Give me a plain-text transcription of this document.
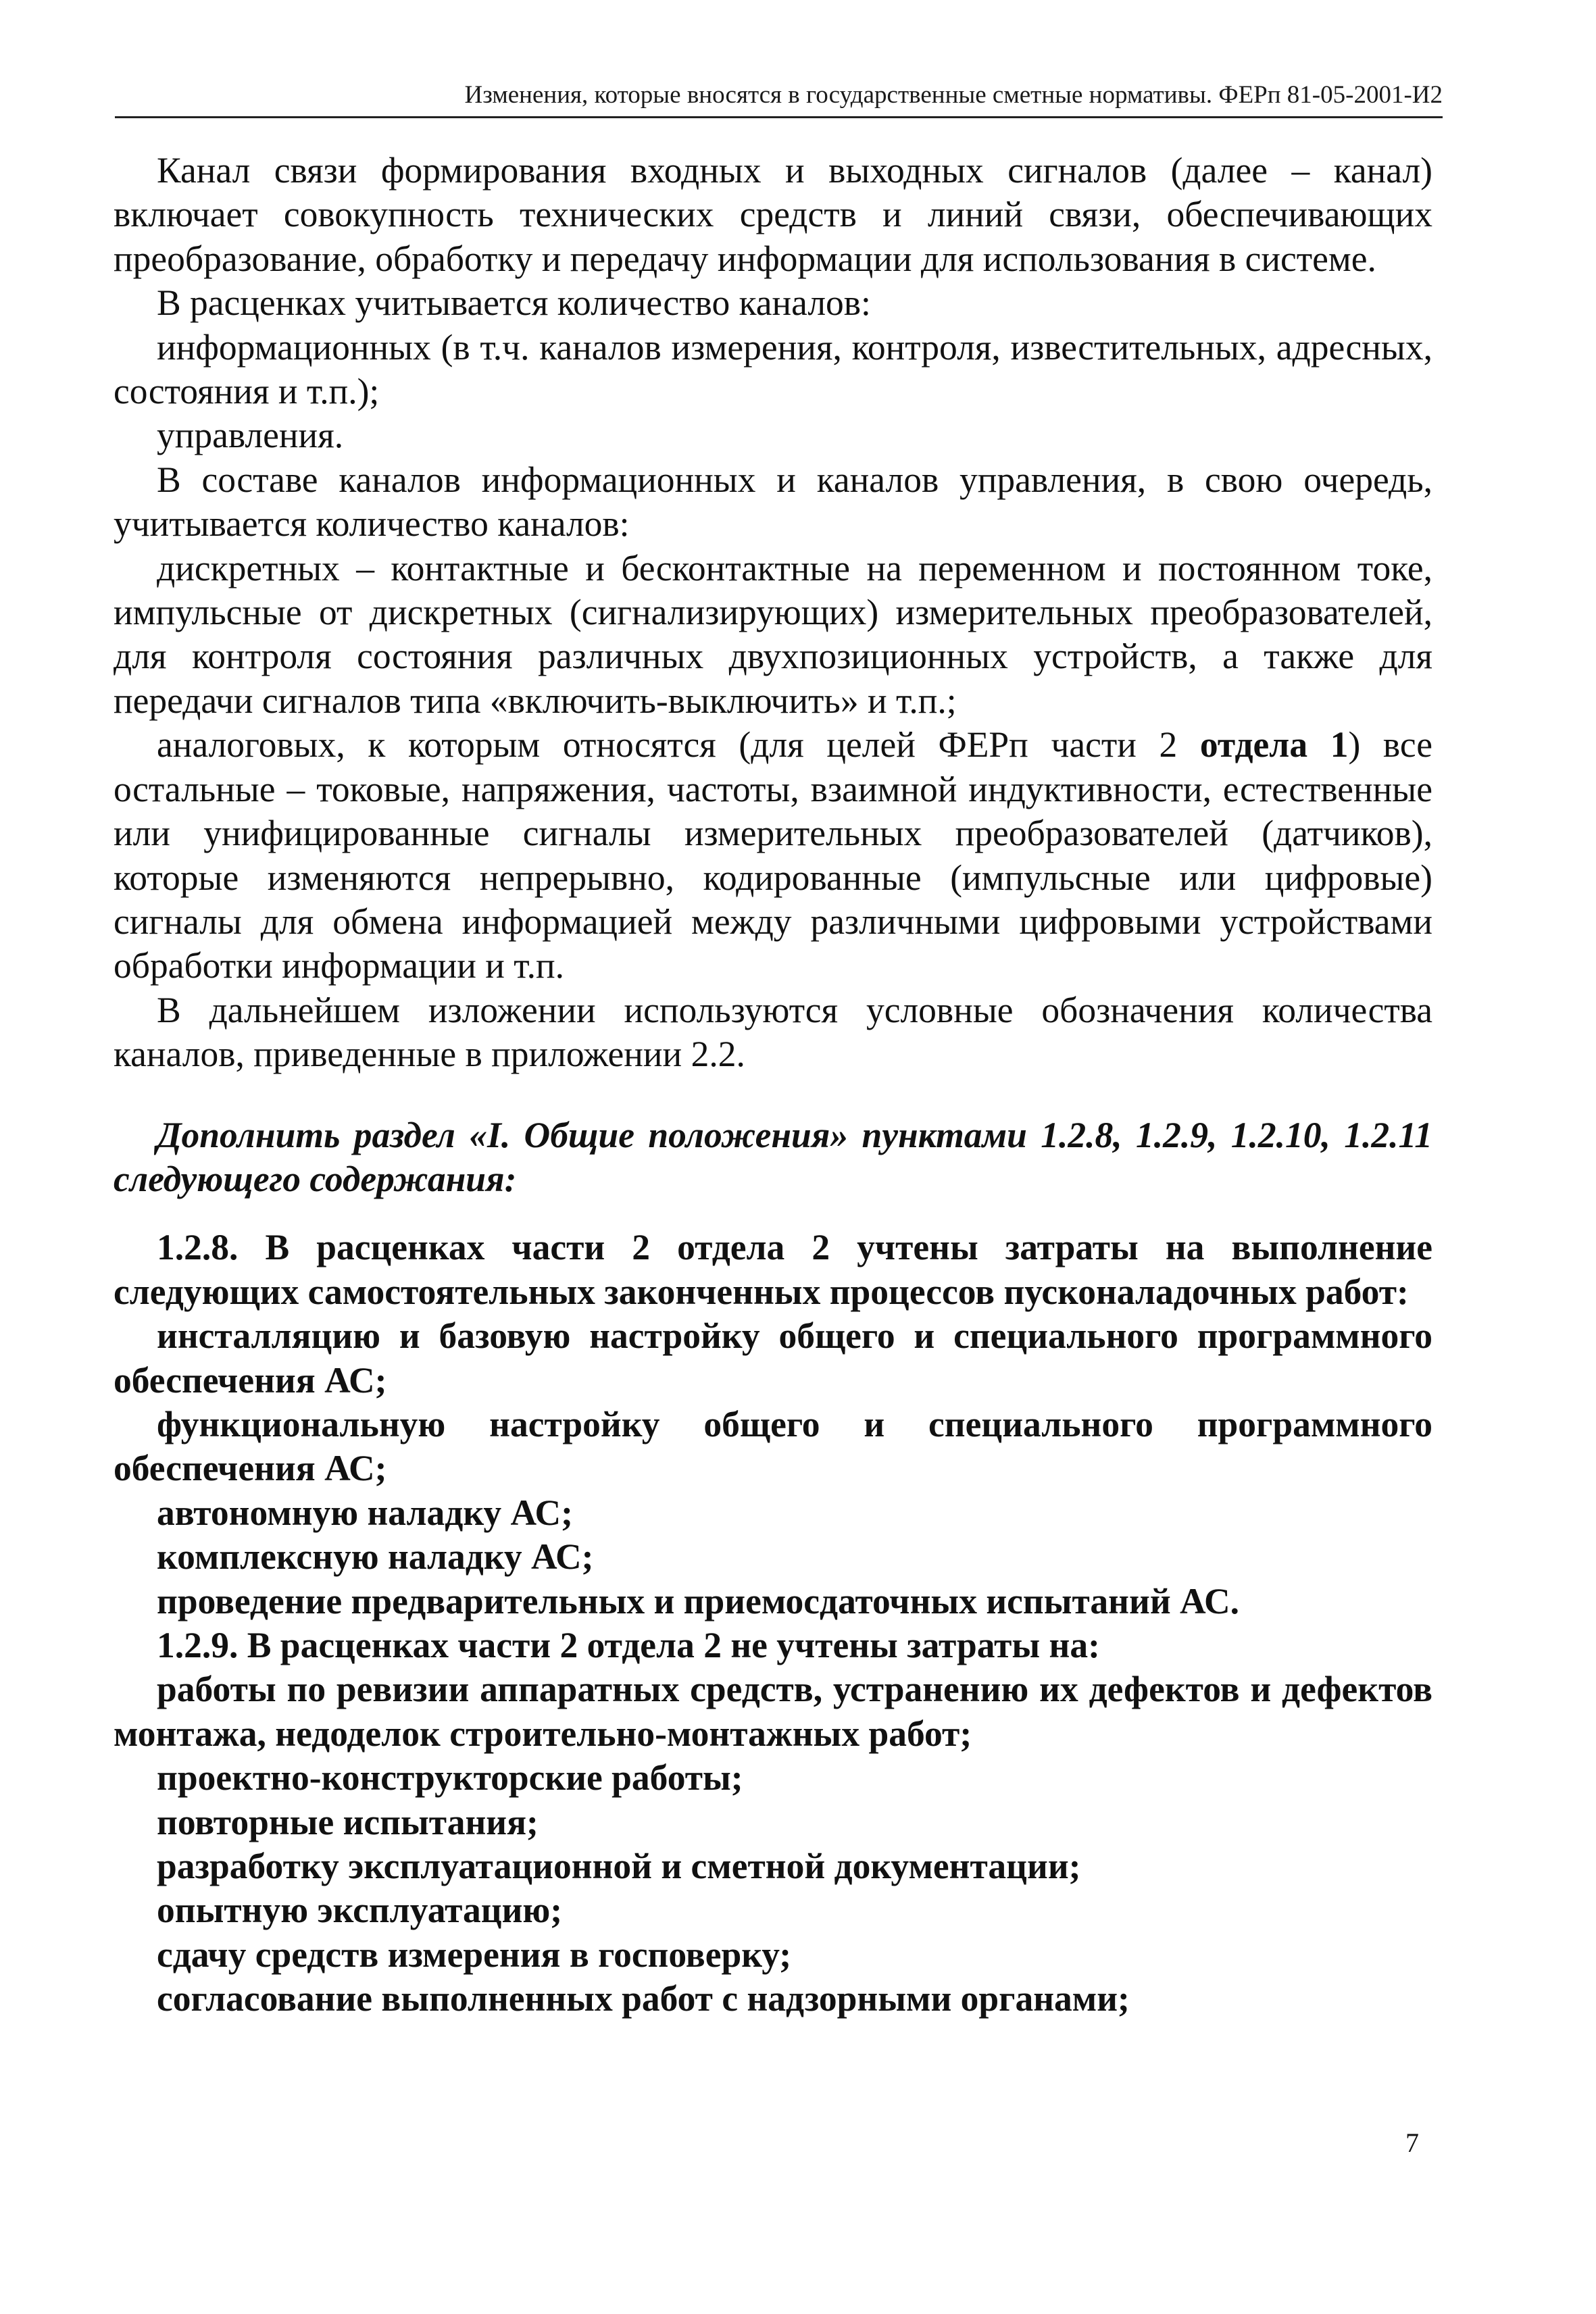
Изменения, которые вносятся в государственные сметные нормативы. ФЕРп 81-05-2001-И2

Канал связи формирования входных и выходных сигналов (далее – канал) включает совокупность технических средств и линий связи, обеспечивающих преобразование, обработку и передачу информации для использования в системе.

В расценках учитывается количество каналов:

информационных (в т.ч. каналов измерения, контроля, известительных, адресных, состояния и т.п.);

управления.

В составе каналов информационных и каналов управления, в свою очередь, учитывается количество каналов:

дискретных – контактные и бесконтактные на переменном и постоянном токе, импульсные от дискретных (сигнализирующих) измерительных преобразователей, для контроля состояния различных двухпозиционных устройств, а также для передачи сигналов типа «включить-выключить» и т.п.;

аналоговых, к которым относятся (для целей ФЕРп части 2 отдела 1) все остальные – токовые, напряжения, частоты, взаимной индуктивности, естественные или унифицированные сигналы измерительных преобразователей (датчиков), которые изменяются непрерывно, кодированные (импульсные или цифровые) сигналы для обмена информацией между различными цифровыми устройствами обработки информации и т.п.

В дальнейшем изложении используются условные обозначения количества каналов, приведенные в приложении 2.2.

Дополнить раздел «I. Общие положения» пунктами 1.2.8, 1.2.9, 1.2.10, 1.2.11 следующего содержания:

1.2.8. В расценках части 2 отдела 2 учтены затраты на выполнение следующих самостоятельных законченных процессов пусконаладочных работ:

инсталляцию и базовую настройку общего и специального программного обеспечения АС;

функциональную настройку общего и специального программного обеспечения АС;

автономную наладку АС;

комплексную наладку АС;

проведение предварительных и приемосдаточных испытаний АС.

1.2.9. В расценках части 2 отдела 2 не учтены затраты на:

работы по ревизии аппаратных средств, устранению их дефектов и дефектов монтажа, недоделок строительно-монтажных работ;

проектно-конструкторские работы;

повторные испытания;

разработку эксплуатационной и сметной документации;

опытную эксплуатацию;

сдачу средств измерения в госповерку;

согласование выполненных работ с надзорными органами;

7
